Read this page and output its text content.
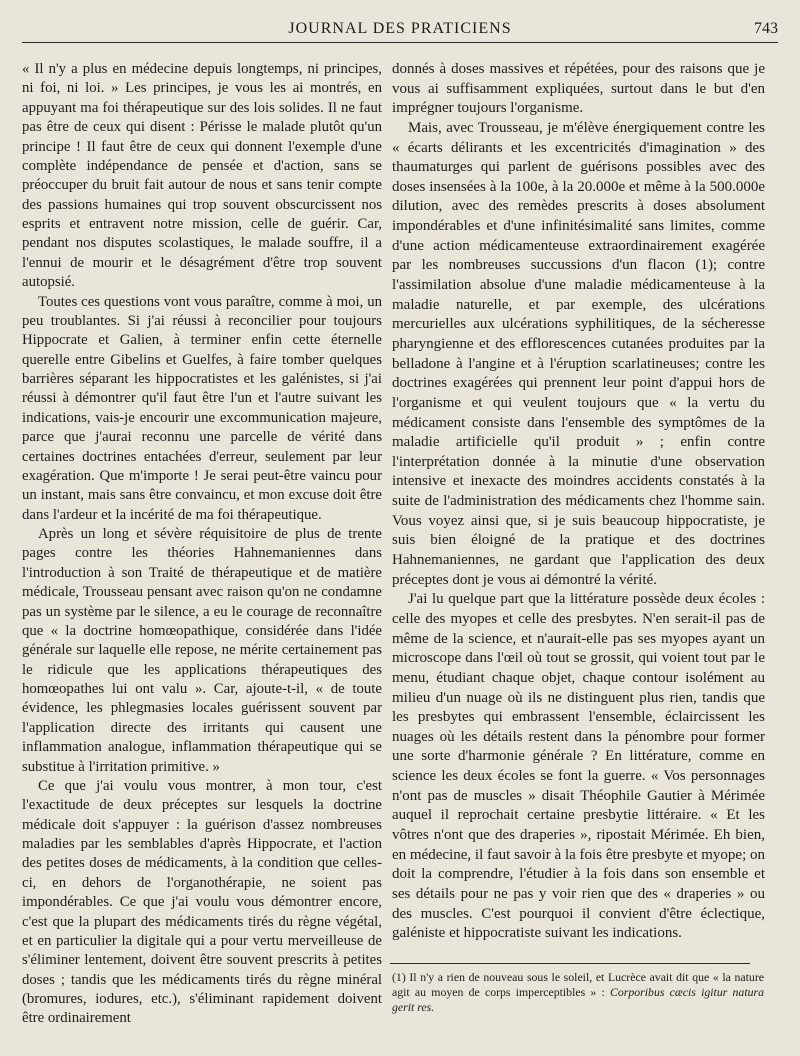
JOURNAL DES PRATICIENS	743

« Il n'y a plus en médecine depuis longtemps, ni principes, ni foi, ni loi. » Les principes, je vous les ai montrés, en appuyant ma foi thérapeutique sur des lois solides. Il ne faut pas être de ceux qui disent : Périsse le malade plutôt qu'un principe ! Il faut être de ceux qui donnent l'exemple d'une complète indépendance de pensée et d'action, sans se préoccuper du bruit fait autour de nous et sans tenir compte des passions humaines qui trop souvent obscurcissent nos esprits et entravent notre mission, celle de guérir. Car, pendant nos disputes scolastiques, le malade souffre, il a l'ennui de mourir et le désagrément d'être trop souvent autopsié.

Toutes ces questions vont vous paraître, comme à moi, un peu troublantes. Si j'ai réussi à reconcilier pour toujours Hippocrate et Galien, à terminer enfin cette éternelle querelle entre Gibelins et Guelfes, à faire tomber quelques barrières séparant les hippocratistes et les galénistes, si j'ai réussi à démontrer qu'il faut être l'un et l'autre suivant les indications, vais-je encourir une excommunication majeure, parce que j'aurai reconnu une parcelle de vérité dans certaines doctrines entachées d'erreur, seulement par leur exagération. Que m'importe ! Je serai peut-être vaincu pour un instant, mais sans être convaincu, et mon excuse doit être dans l'ardeur et la incérité de ma foi thérapeutique.

Après un long et sévère réquisitoire de plus de trente pages contre les théories Hahnemaniennes dans l'introduction à son Traité de thérapeutique et de matière médicale, Trousseau pensant avec raison qu'on ne condamne pas un système par le silence, a eu le courage de reconnaître que « la doctrine homœopathique, considérée dans l'idée générale sur laquelle elle repose, ne mérite certainement pas le ridicule que les applications thérapeutiques des homœopathes lui ont valu ». Car, ajoute-t-il, « de toute évidence, les phlegmasies locales guérissent souvent par l'application directe des irritants qui causent une inflammation analogue, inflammation thérapeutique qui se substitue à l'irritation primitive. »

Ce que j'ai voulu vous montrer, à mon tour, c'est l'exactitude de deux préceptes sur lesquels la doctrine médicale doit s'appuyer : la guérison d'assez nombreuses maladies par les semblables d'après Hippocrate, et l'action des petites doses de médicaments, à la condition que celles-ci, en dehors de l'organothérapie, ne soient pas impondérables. Ce que j'ai voulu vous démontrer encore, c'est que la plupart des médicaments tirés du règne végétal, et en particulier la digitale qui a pour vertu merveilleuse de s'éliminer lentement, doivent être souvent prescrits à petites doses ; tandis que les médicaments tirés du règne minéral (bromures, iodures, etc.), s'éliminant rapidement doivent être ordinairement

donnés à doses massives et répétées, pour des raisons que je vous ai suffisamment expliquées, surtout dans le but d'en imprégner toujours l'organisme.

Mais, avec Trousseau, je m'élève énergiquement contre les « écarts délirants et les excentricités d'imagination » des thaumaturges qui parlent de guérisons possibles avec des doses insensées à la 100e, à la 20.000e et même à la 500.000e dilution, avec des remèdes prescrits à doses absolument impondérables et d'une infinitésimalité sans limites, comme d'une action médicamenteuse extraordinairement exagérée par les nombreuses succussions d'un flacon (1); contre l'assimilation absolue d'une maladie médicamenteuse à la maladie naturelle, et par exemple, des ulcérations mercurielles aux ulcérations syphilitiques, de la sécheresse pharyngienne et des efflorescences cutanées produites par la belladone à l'angine et à l'éruption scarlatineuses; contre les doctrines exagérées qui prennent leur point d'appui hors de l'organisme et qui veulent toujours que « la vertu du médicament consiste dans l'ensemble des symptômes de la maladie artificielle qu'il produit » ; enfin contre l'interprétation donnée à la minutie d'une observation intensive et inexacte des moindres accidents constatés à la suite de l'administration des médicaments chez l'homme sain. Vous voyez ainsi que, si je suis beaucoup hippocratiste, je suis bien éloigné de la pratique et des doctrines Hahnemaniennes, ne gardant que l'application des deux préceptes dont je vous ai démontré la vérité.

J'ai lu quelque part que la littérature possède deux écoles : celle des myopes et celle des presbytes. N'en serait-il pas de même de la science, et n'aurait-elle pas ses myopes ayant un microscope dans l'œil où tout se grossit, qui voient tout par le menu, étudiant chaque objet, chaque contour isolément au milieu d'un nuage où ils ne distinguent plus rien, tandis que les presbytes qui embrassent l'ensemble, éclaircissent les nuages où les détails restent dans la pénombre pour former une sorte d'harmonie générale ? En littérature, comme en science les deux écoles se font la guerre. « Vos personnages n'ont pas de muscles » disait Théophile Gautier à Mérimée auquel il reprochait certaine presbytie littéraire. « Et les vôtres n'ont que des draperies », ripostait Mérimée. Eh bien, en médecine, il faut savoir à la fois être presbyte et myope; on doit la comprendre, l'étudier à la fois dans son ensemble et ses détails pour ne pas y voir rien que des « draperies » ou des muscles. C'est pourquoi il convient d'être éclectique, galéniste et hippocratiste suivant les indications.

(1) Il n'y a rien de nouveau sous le soleil, et Lucrèce avait dit que « la nature agit au moyen de corps imperceptibles » : Corporibus cæcis igitur natura gerit res.
